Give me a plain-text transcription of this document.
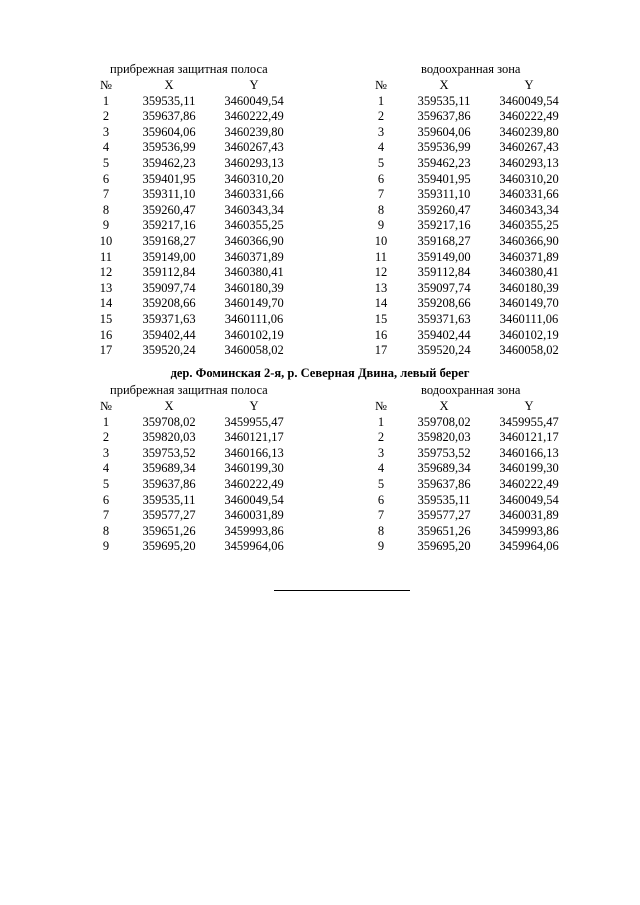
прибрежная защитная полоса	водоохранная зона
№	X	Y
1	359535,11	3460049,54
2	359637,86	3460222,49
3	359604,06	3460239,80
4	359536,99	3460267,43
5	359462,23	3460293,13
6	359401,95	3460310,20
7	359311,10	3460331,66
8	359260,47	3460343,34
9	359217,16	3460355,25
10	359168,27	3460366,90
11	359149,00	3460371,89
12	359112,84	3460380,41
13	359097,74	3460180,39
14	359208,66	3460149,70
15	359371,63	3460111,06
16	359402,44	3460102,19
17	359520,24	3460058,02
№	X	Y
1	359535,11	3460049,54
2	359637,86	3460222,49
3	359604,06	3460239,80
4	359536,99	3460267,43
5	359462,23	3460293,13
6	359401,95	3460310,20
7	359311,10	3460331,66
8	359260,47	3460343,34
9	359217,16	3460355,25
10	359168,27	3460366,90
11	359149,00	3460371,89
12	359112,84	3460380,41
13	359097,74	3460180,39
14	359208,66	3460149,70
15	359371,63	3460111,06
16	359402,44	3460102,19
17	359520,24	3460058,02
дер. Фоминская 2-я, р. Северная Двина, левый берег
прибрежная защитная полоса	водоохранная зона
№	X	Y
1	359708,02	3459955,47
2	359820,03	3460121,17
3	359753,52	3460166,13
4	359689,34	3460199,30
5	359637,86	3460222,49
6	359535,11	3460049,54
7	359577,27	3460031,89
8	359651,26	3459993,86
9	359695,20	3459964,06
№	X	Y
1	359708,02	3459955,47
2	359820,03	3460121,17
3	359753,52	3460166,13
4	359689,34	3460199,30
5	359637,86	3460222,49
6	359535,11	3460049,54
7	359577,27	3460031,89
8	359651,26	3459993,86
9	359695,20	3459964,06
